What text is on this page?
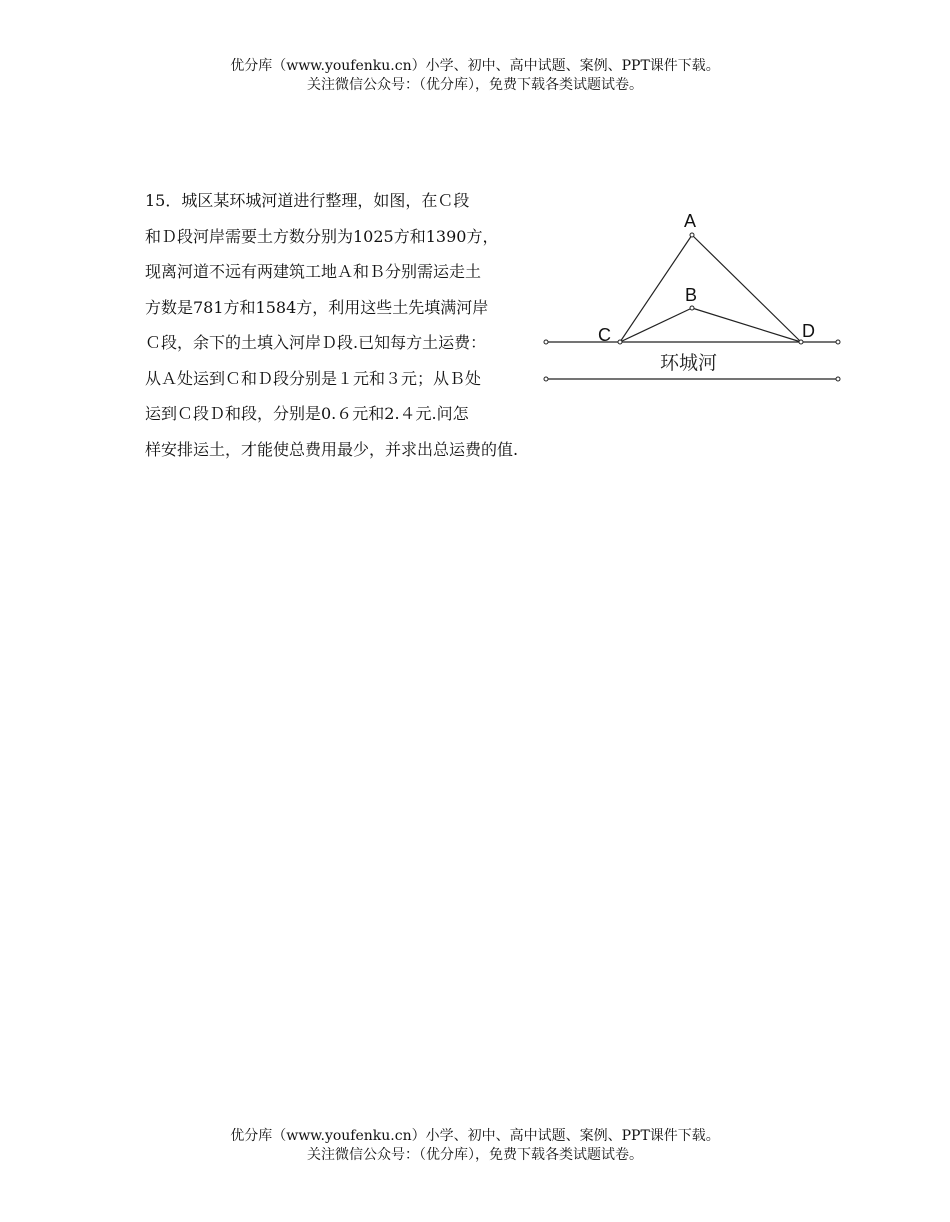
优分库（www.youfenku.cn）小学、初中、高中试题、案例、PPT课件下载。
关注微信公众号：（优分库），免费下载各类试题试卷。
15．城区某环城河道进行整理，如图，在Ｃ段
和Ｄ段河岸需要土方数分别为1025方和1390方，
现离河道不远有两建筑工地Ａ和Ｂ分别需运走土
方数是781方和1584方，利用这些土先填满河岸
Ｃ段，余下的土填入河岸Ｄ段.已知每方土运费：
从Ａ处运到Ｃ和Ｄ段分别是１元和３元；从Ｂ处
运到Ｃ段Ｄ和段，分别是0.６元和2.４元.问怎
样安排运土，才能使总费用最少，并求出总运费的值.
A
B
C	D
环城河
优分库（www.youfenku.cn）小学、初中、高中试题、案例、PPT课件下载。
关注微信公众号：（优分库），免费下载各类试题试卷。
